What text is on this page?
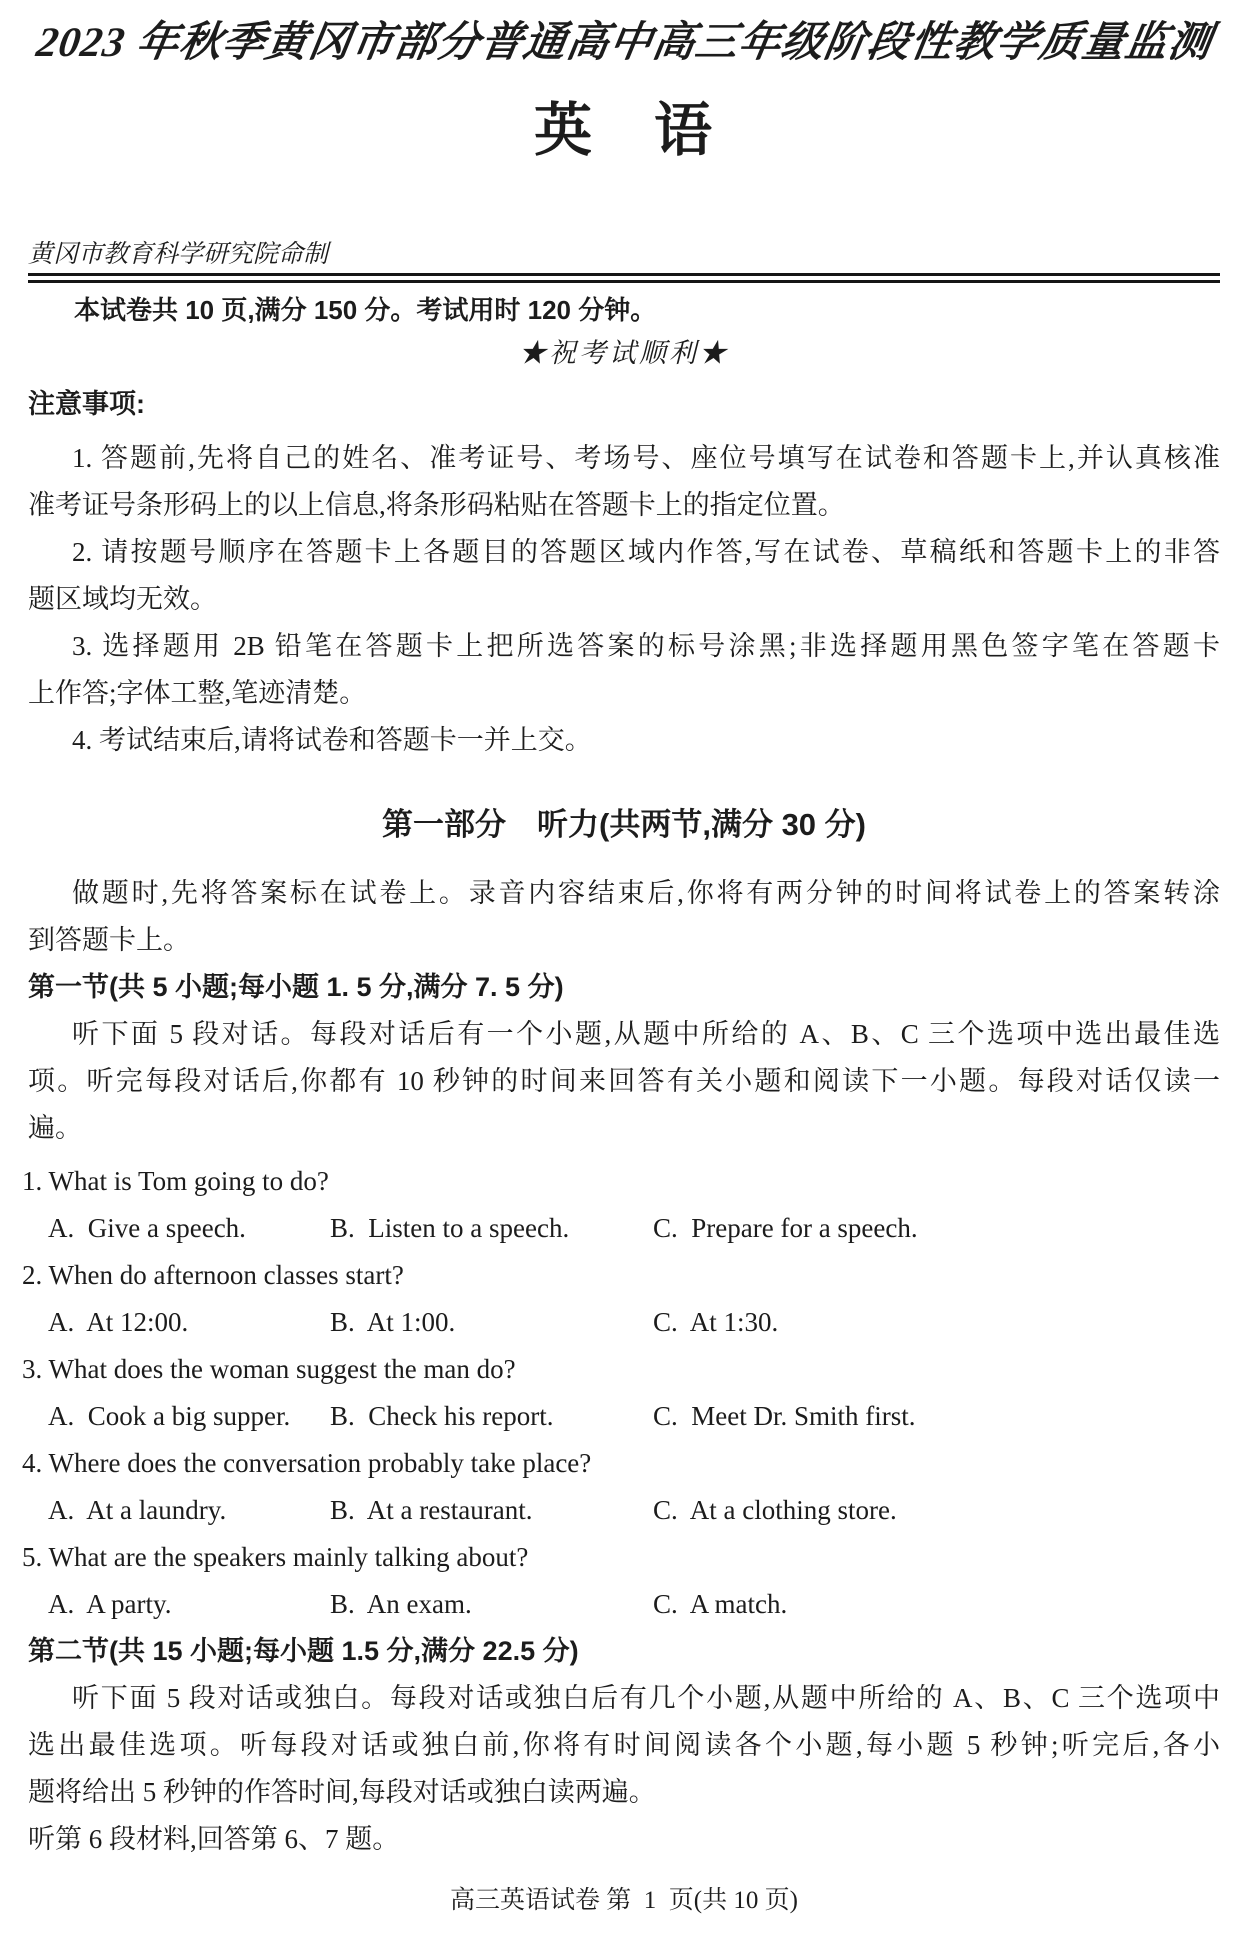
2023 年秋季黄冈市部分普通高中高三年级阶段性教学质量监测
英　语
黄冈市教育科学研究院命制
本试卷共 10 页,满分 150 分。考试用时 120 分钟。
★祝考试顺利★
注意事项:
1. 答题前,先将自己的姓名、准考证号、考场号、座位号填写在试卷和答题卡上,并认真核准
准考证号条形码上的以上信息,将条形码粘贴在答题卡上的指定位置。
2. 请按题号顺序在答题卡上各题目的答题区域内作答,写在试卷、草稿纸和答题卡上的非答
题区域均无效。
3. 选择题用 2B 铅笔在答题卡上把所选答案的标号涂黑;非选择题用黑色签字笔在答题卡
上作答;字体工整,笔迹清楚。
4. 考试结束后,请将试卷和答题卡一并上交。
第一部分　听力(共两节,满分 30 分)
做题时,先将答案标在试卷上。录音内容结束后,你将有两分钟的时间将试卷上的答案转涂
到答题卡上。
第一节(共 5 小题;每小题 1. 5 分,满分 7. 5 分)
听下面 5 段对话。每段对话后有一个小题,从题中所给的 A、B、C 三个选项中选出最佳选
项。听完每段对话后,你都有 10 秒钟的时间来回答有关小题和阅读下一小题。每段对话仅读一
遍。
1. What is Tom going to do?
A.  Give a speech.	B.  Listen to a speech.	C.  Prepare for a speech.
2. When do afternoon classes start?
A.  At 12:00.	B.  At 1:00.	C.  At 1:30.
3. What does the woman suggest the man do?
A.  Cook a big supper. B.  Check his report.	C.  Meet Dr. Smith first.
4. Where does the conversation probably take place?
A.  At a laundry.	B.  At a restaurant.	C.  At a clothing store.
5. What are the speakers mainly talking about?
A.  A party.	B.  An exam.	C.  A match.
第二节(共 15 小题;每小题 1.5 分,满分 22.5 分)
听下面 5 段对话或独白。每段对话或独白后有几个小题,从题中所给的 A、B、C 三个选项中
选出最佳选项。听每段对话或独白前,你将有时间阅读各个小题,每小题 5 秒钟;听完后,各小
题将给出 5 秒钟的作答时间,每段对话或独白读两遍。
听第 6 段材料,回答第 6、7 题。
高三英语试卷 第  1  页(共 10 页)
